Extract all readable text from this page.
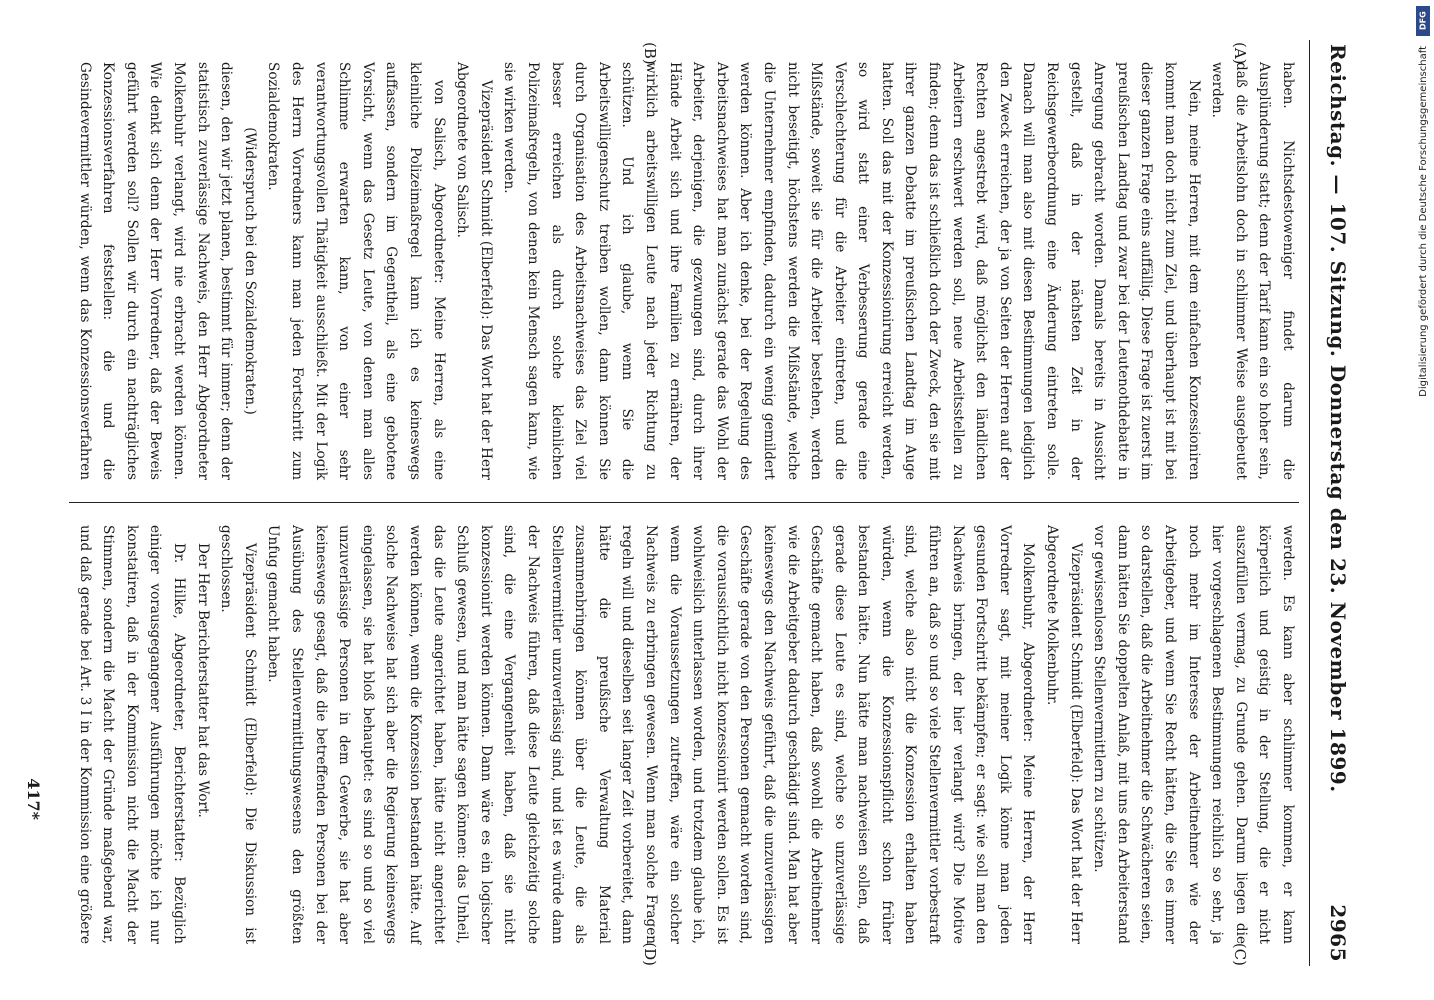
Reichstag. — 107. Sitzung. Donnerstag den 23. November 1899.
2965

haben. Nichtsdestoweniger findet darum die Ausplünderung statt; denn der Tarif kann ein so hoher sein, daß die Arbeitslohn doch in schlimmer Weise ausgebeutet werden.

Nein, meine Herren, mit dem einfachen Konzessioniren kommt man doch nicht zum Ziel, und überhaupt ist mit bei dieser ganzen Frage eins auffällig. Diese Frage ist zuerst im preußischen Landtag und zwar bei der Leutenothdebatte in Anregung gebracht worden. Damals bereits in Aussicht gestellt, daß in der nächsten Zeit in der Reichsgewerbeordnung eine Änderung eintreten solle. Danach will man also mit diesen Bestimmungen lediglich den Zweck erreichen, der ja von Seiten der Herren auf der Rechten angestrebt wird, daß möglichst den ländlichen Arbeitern erschwert werden soll, neue Arbeitsstellen zu finden; denn das ist schließlich doch der Zweck, den sie mit ihrer ganzen Debatte im preußischen Landtag im Auge hatten. Soll das mit der Konzessionirung erreicht werden, so wird statt einer Verbesserung gerade eine Verschlechterung für die Arbeiter eintreten, und die Mißstände, soweit sie für die Arbeiter bestehen, werden nicht beseitigt, höchstens werden die Mißstände, welche die Unternehmer empfinden, dadurch ein wenig gemildert werden können. Aber ich denke, bei der Regelung des Arbeitsnachweises hat man zunächst gerade das Wohl der Arbeiter, derjenigen, die gezwungen sind, durch ihrer Hände Arbeit sich und ihre Familien zu ernähren, der wirklich arbeitswilligen Leute nach jeder Richtung zu schützen. Und ich glaube, wenn Sie die Arbeitswilligenschutz treiben wollen, dann können Sie durch Organisation des Arbeitsnachweises das Ziel viel besser erreichen als durch solche kleinlichen Polizeimaßregeln, von denen kein Mensch sagen kann, wie sie wirken werden.

Vizepräsident Schmidt (Elberfeld): Das Wort hat der Herr Abgeordnete von Salisch.

von Salisch, Abgeordneter: Meine Herren, als eine kleinliche Polizeimaßregel kann ich es keineswegs auffassen, sondern im Gegentheil, als eine gebotene Vorsicht, wenn das Gesetz Leute, von denen man alles Schlimme erwarten kann, von einer sehr verantwortungsvollen Thätigkeit ausschließt. Mit der Logik des Herrn Vorredners kann man jeden Fortschritt zum Sozialdemokraten.

(Widerspruch bei den Sozialdemokraten.)

diesen, den wir jetzt planen, bestimmt für immer; denn der statistisch zuverlässige Nachweis, den Herr Abgeordneter Molkenbuhr verlangt, wird nie erbracht werden können. Wie denkt sich denn der Herr Vorredner, daß der Beweis geführt werden soll? Sollen wir durch ein nachträgliches Konzessionsverfahren feststellen: die und die Gesindevermittler würden, wenn das Konzessionsverfahren

werden. Es kann aber schlimmer kommen, er kann körperlich und geistig in der Stellung, die er nicht auszufüllen vermag, zu Grunde gehen. Darum liegen die hier vorgeschlagenen Bestimmungen reichlich so sehr, ja noch mehr im Interesse der Arbeitnehmer wie der Arbeitgeber, und wenn Sie Recht hätten, die Sie es immer so darstellen, daß die Arbeitnehmer die Schwächeren seien, dann hätten Sie doppelten Anlaß, mit uns den Arbeiterstand vor gewissenlosen Stellenvermittlern zu schützen.

Vizepräsident Schmidt (Elberfeld): Das Wort hat der Herr Abgeordnete Molkenbuhr.

Molkenbuhr, Abgeordneter: Meine Herren, der Herr Vorredner sagt, mit meiner Logik könne man jeden gesunden Fortschritt bekämpfen; er sagt: wie soll man den Nachweis bringen, der hier verlangt wird? Die Motive führen an, daß so und so viele Stellenvermittler vorbestraft sind, welche also nicht die Konzession erhalten haben würden, wenn die Konzessionspflicht schon früher bestanden hätte. Nun hätte man nachweisen sollen, daß gerade diese Leute es sind, welche so unzuverlässige Geschäfte gemacht haben, daß sowohl die Arbeitnehmer wie die Arbeitgeber dadurch geschädigt sind. Man hat aber keineswegs den Nachweis geführt, daß die unzuverlässigen Geschäfte gerade von den Personen gemacht worden sind, die voraussichtlich nicht konzessionirt werden sollen. Es ist wohlweislich unterlassen worden, und trotzdem glaube ich, wenn die Voraussetzungen zutreffen, wäre ein solcher Nachweis zu erbringen gewesen. Wenn man solche Fragen regeln will und dieselben seit langer Zeit vorbereitet, dann hätte die preußische Verwaltung Material zusammenbringen können über die Leute, die als Stellenvermittler unzuverlässig sind, und ist es würde dann der Nachweis führen, daß diese Leute gleichzeitig solche sind, die eine Vergangenheit haben, daß sie nicht konzessionirt werden können. Dann wäre es ein logischer Schluß gewesen, und man hätte sagen können: das Unheil, das die Leute angerichtet haben, hätte nicht angerichtet werden können, wenn die Konzession bestanden hätte. Auf solche Nachweise hat sich aber die Regierung keineswegs eingelassen, sie hat bloß behauptet: es sind so und so viel unzuverlässige Personen in dem Gewerbe, sie hat aber keineswegs gesagt, daß die betreffenden Personen bei der Ausübung des Stellenvermittlungswesens den größten Unfug gemacht haben.

Vizepräsident Schmidt (Elberfeld): Die Diskussion ist geschlossen.

Der Herr Berichterstatter hat das Wort.

Dr. Hilke, Abgeordneter, Berichterstatter: Bezüglich einiger vorausgegangener Ausführungen möchte ich nur konstatiren, daß in der Kommission nicht die Macht der Stimmen, sondern die Macht der Gründe maßgebend war, und daß gerade bei Art. 3 I in der Kommission eine größere

(A)
(B)
(C)
(D)
417*
DFG
Digitalisierung gefördert durch die Deutsche Forschungsgemeinschaft
